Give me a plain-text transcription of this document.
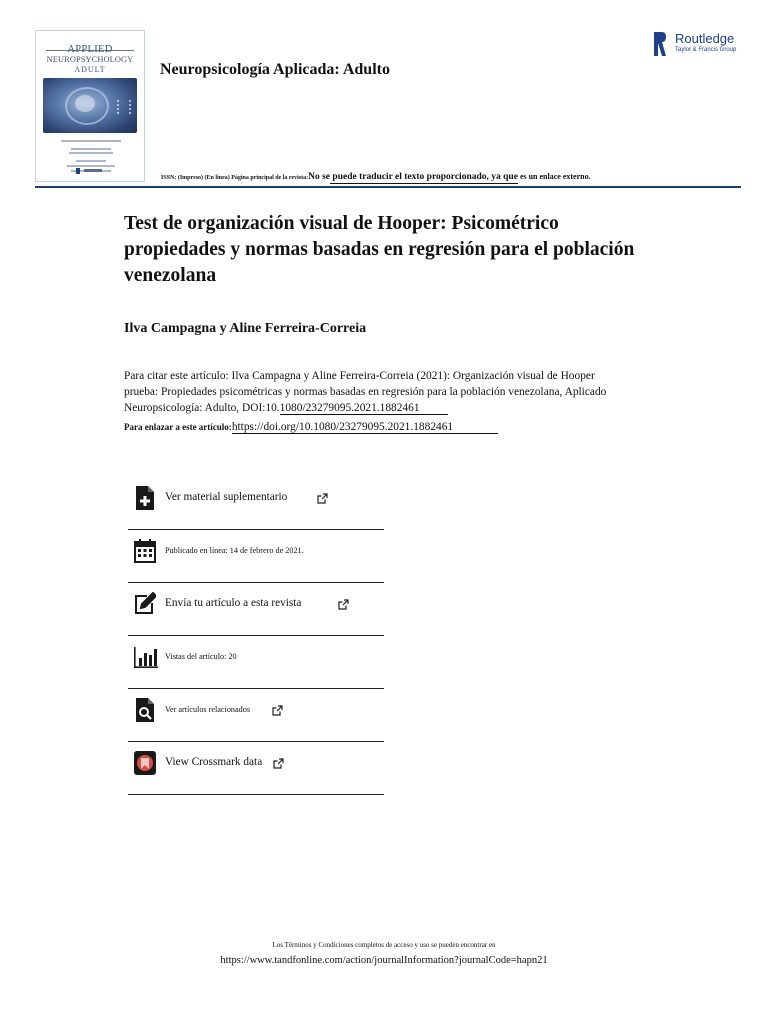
APPLIED
NEUROPSYCHOLOGY
ADULT	Neuropsicología Aplicada: Adulto
Routledge
Taylor & Francis Group
ISSN: (Impreso) (En línea) Página principal de la revista:No se puede traducir el texto proporcionado, ya que es un enlace externo.
Test de organización visual de Hooper: Psicométrico propiedades y normas basadas en regresión para el población venezolana
Ilva Campagna y Aline Ferreira-Correia
Para citar este artículo: Ilva Campagna y Aline Ferreira-Correia (2021): Organización visual de Hooper prueba: Propiedades psicométricas y normas basadas en regresión para la población venezolana, Aplicado Neuropsicología: Adulto, DOI:10.1080/23279095.2021.1882461
Para enlazar a este artículo:https://doi.org/10.1080/23279095.2021.1882461
Ver material suplementario
Publicado en línea: 14 de febrero de 2021.
Envía tu artículo a esta revista
Vistas del artículo: 20
Ver artículos relacionados
View Crossmark data
Los Términos y Condiciones completos de acceso y uso se pueden encontrar en
https://www.tandfonline.com/action/journalInformation?journalCode=hapn21
